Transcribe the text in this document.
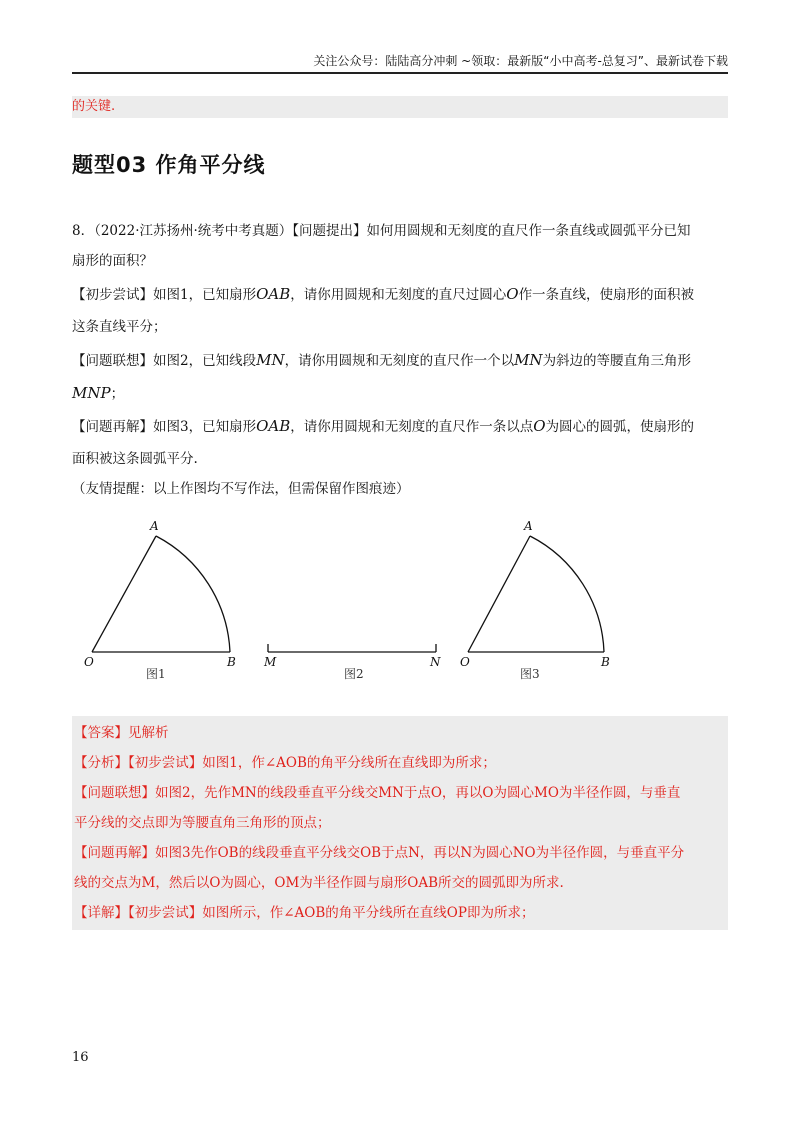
关注公众号：陆陆高分冲刺 ~领取：最新版“小中高考-总复习”、最新试卷下载
的关键.
题型03 作角平分线
8．（2022·江苏扬州·统考中考真题）【问题提出】如何用圆规和无刻度的直尺作一条直线或圆弧平分已知
扇形的面积？
【初步尝试】如图1，已知扇形OAB，请你用圆规和无刻度的直尺过圆心O作一条直线，使扇形的面积被
这条直线平分；
【问题联想】如图2，已知线段MN，请你用圆规和无刻度的直尺作一个以MN为斜边的等腰直角三角形
MNP；
【问题再解】如图3，已知扇形OAB，请你用圆规和无刻度的直尺作一条以点O为圆心的圆弧，使扇形的
面积被这条圆弧平分.
（友情提醒：以上作图均不写作法，但需保留作图痕迹）
A
O	B
图1
M	N
图2
A
O	B
图3
【答案】见解析
【分析】【初步尝试】如图1，作∠AOB的角平分线所在直线即为所求；
【问题联想】如图2，先作MN的线段垂直平分线交MN于点O，再以O为圆心MO为半径作圆，与垂直
平分线的交点即为等腰直角三角形的顶点；
【问题再解】如图3先作OB的线段垂直平分线交OB于点N，再以N为圆心NO为半径作圆，与垂直平分
线的交点为M，然后以O为圆心，OM为半径作圆与扇形OAB所交的圆弧即为所求.
【详解】【初步尝试】如图所示，作∠AOB的角平分线所在直线OP即为所求；
16
